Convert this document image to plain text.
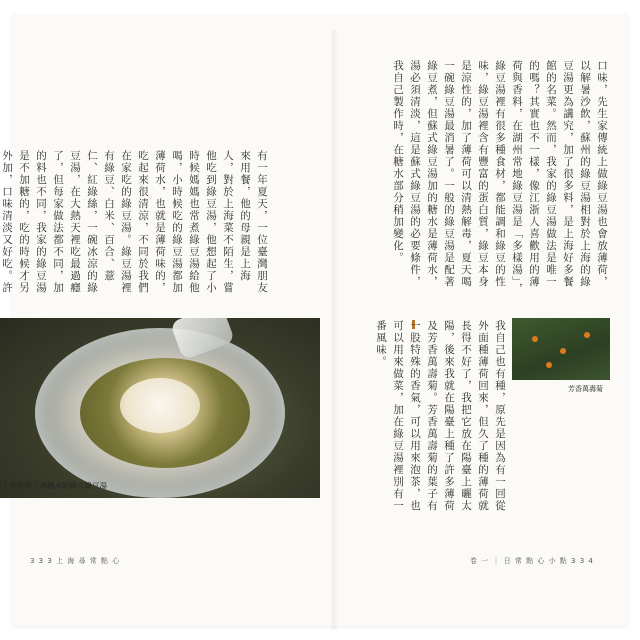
有一年夏天，一位臺灣朋友來用餐，他的母親是上海人，對於上海菜不陌生，嘗他吃到綠豆湯，他想起了小時候媽媽也常煮綠豆湯給他喝，小時候吃的綠豆湯都加薄荷水，也就是薄荷味的，吃起來很清涼，不同於我們在家吃的綠豆湯。綠豆湯裡有綠豆、白米、百合、薏仁、紅綠絲，一碗冰涼的綠豆湯，在大熱天裡吃最過癮了，但每家做法都不同，加的料也不同，我家的綠豆湯是不加糖的，吃的時候才另外加，口味清淡又好吃。許
上桌時淋上冰糖水的蘇式綠豆湯
3 3 3 上 海 尋 常 點 心
口味，先生家傳統上做綠豆湯也會放薄荷，以解暑沙飲，蘇州的綠豆湯相對於上海的綠豆湯更為講究，加了很多料，是上海好多餐館的名菜。然而，我家的綠豆湯做法是唯一的嗎？其實也不一樣，像江浙人喜歡用的薄荷與香料，在湖州常地綠豆湯是「多樣湯」，綠豆湯裡有很多種食材，都能調和綠豆的性味，綠豆湯裡含有豐富的蛋白質，綠豆本身是涼性的，加了薄荷可以清熱解毒，夏天喝一碗綠豆湯最消暑了。一般的綠豆湯是配著綠豆煮，但蘇式綠豆湯加的糖水是薄荷水，湯必須清淡，這是蘇式綠豆湯的必要條件，我自己製作時，在糖水部分稍加變化。
我自己也有種，原先是因為有一回從外面種薄荷回來，但久了種的薄荷就長得不好了，我把它放在陽臺上曬太陽，後來我就在陽臺上種了許多薄荷及芳香萬壽菊。芳香萬壽菊的葉子有一股特殊的香氣，可以用來泡茶，也可以用來做菜，加在綠豆湯裡別有一番風味。
芳香萬壽菊
卷 一 ｜ 日 常 點 心 小 點 3 3 4
